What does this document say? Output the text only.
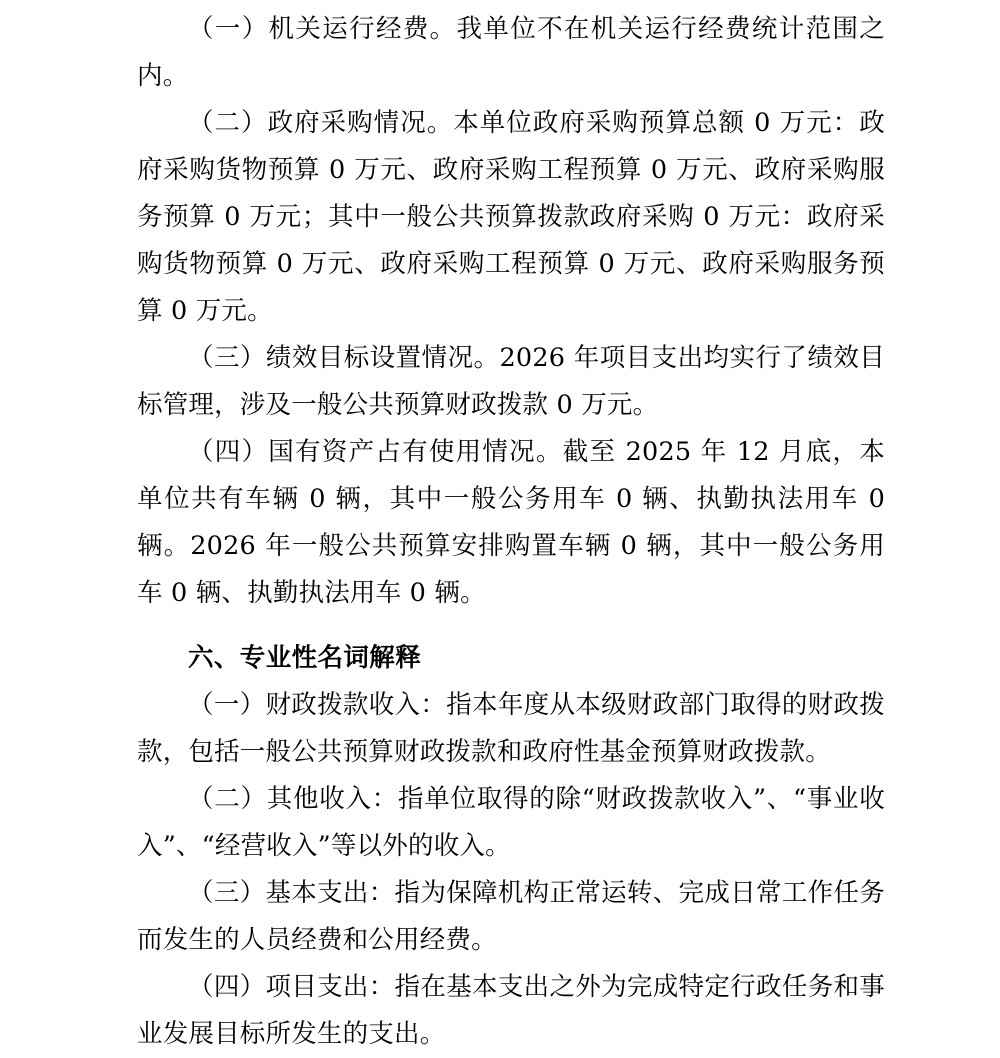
（一）机关运行经费。我单位不在机关运行经费统计范围之内。

（二）政府采购情况。本单位政府采购预算总额 0 万元：政府采购货物预算 0 万元、政府采购工程预算 0 万元、政府采购服务预算 0 万元；其中一般公共预算拨款政府采购 0 万元：政府采购货物预算 0 万元、政府采购工程预算 0 万元、政府采购服务预算 0 万元。

（三）绩效目标设置情况。2026 年项目支出均实行了绩效目标管理，涉及一般公共预算财政拨款 0 万元。

（四）国有资产占有使用情况。截至 2025 年 12 月底，本单位共有车辆 0 辆，其中一般公务用车 0 辆、执勤执法用车 0 辆。2026 年一般公共预算安排购置车辆 0 辆，其中一般公务用车 0 辆、执勤执法用车 0 辆。

六、专业性名词解释

（一）财政拨款收入：指本年度从本级财政部门取得的财政拨款，包括一般公共预算财政拨款和政府性基金预算财政拨款。

（二）其他收入：指单位取得的除“财政拨款收入”、“事业收入”、“经营收入”等以外的收入。

（三）基本支出：指为保障机构正常运转、完成日常工作任务而发生的人员经费和公用经费。

（四）项目支出：指在基本支出之外为完成特定行政任务和事业发展目标所发生的支出。
